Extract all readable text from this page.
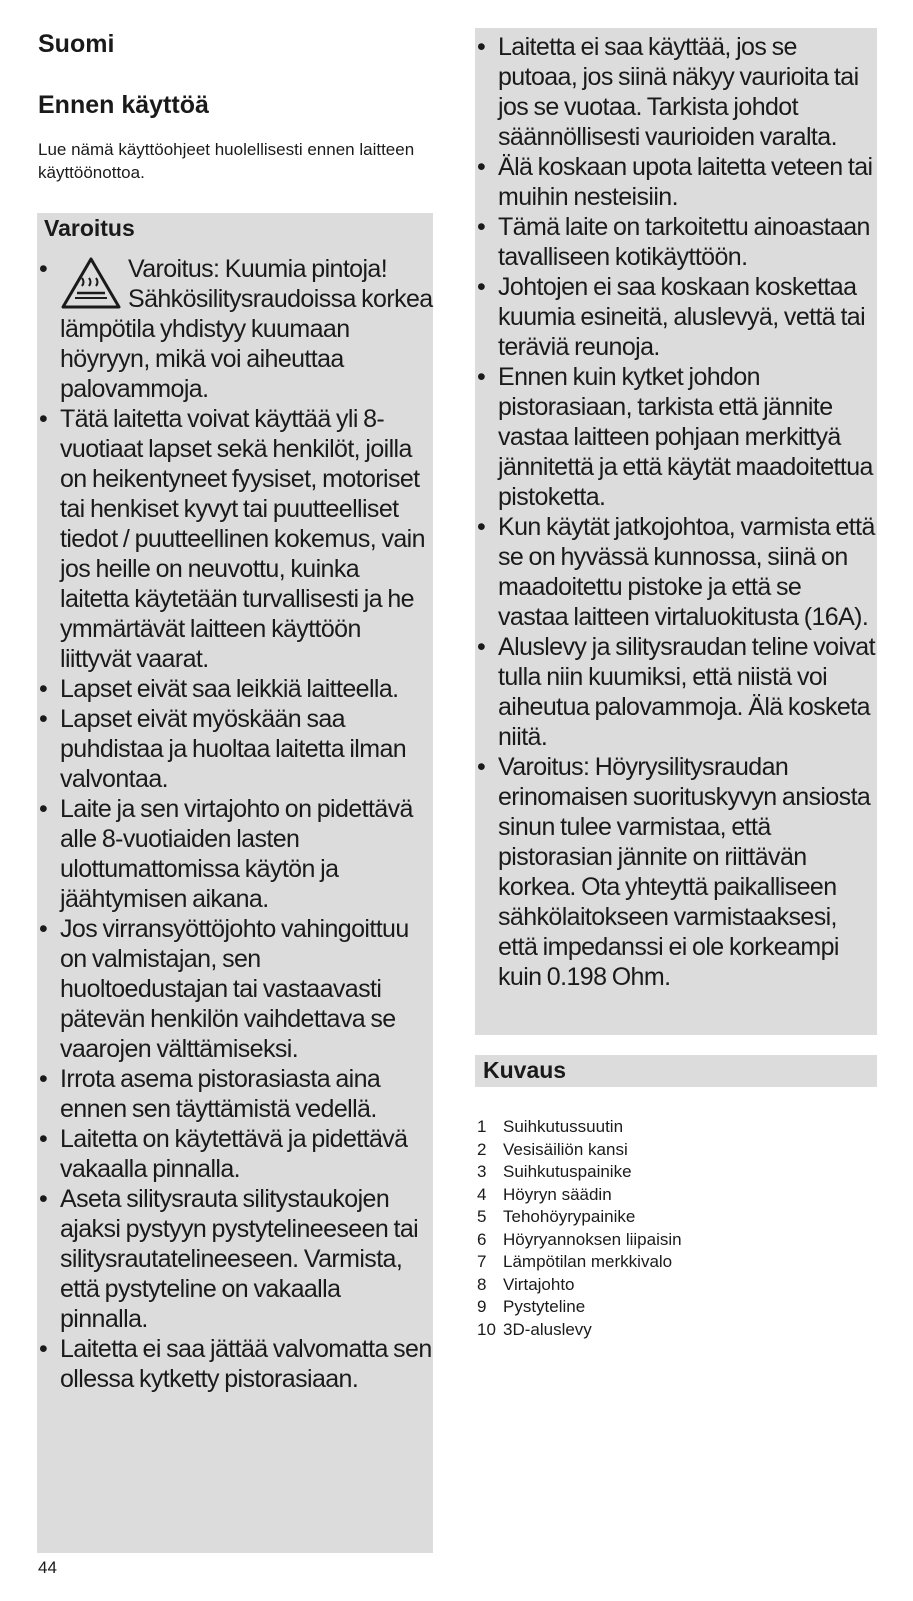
Suomi
Ennen käyttöä
Lue nämä käyttöohjeet huolellisesti ennen laitteen käyttöönottoa.
Varoitus
• Varoitus: Kuumia pintoja! Sähkösilitysraudoissa korkea lämpötila yhdistyy kuumaan höyryyn, mikä voi aiheuttaa palovammoja.
• Tätä laitetta voivat käyttää yli 8-vuotiaat lapset sekä henkilöt, joilla on heikentyneet fyysiset, motoriset tai henkiset kyvyt tai puutteelliset tiedot / puutteellinen kokemus, vain jos heille on neuvottu, kuinka laitetta käytetään turvallisesti ja he ymmärtävät laitteen käyttöön liittyvät vaarat.
• Lapset eivät saa leikkiä laitteella.
• Lapset eivät myöskään saa puhdistaa ja huoltaa laitetta ilman valvontaa.
• Laite ja sen virtajohto on pidettävä alle 8-vuotiaiden lasten ulottumattomissa käytön ja jäähtymisen aikana.
• Jos virransyöttöjohto vahingoittuu on valmistajan, sen huoltoedustajan tai vastaavasti pätevän henkilön vaihdettava se vaarojen välttämiseksi.
• Irrota asema pistorasiasta aina ennen sen täyttämistä vedellä.
• Laitetta on käytettävä ja pidettävä vakaalla pinnalla.
• Aseta silitysrauta silitystaukojen ajaksi pystyyn pystytelineeseen tai silitysrautatelineeseen. Varmista, että pystyteline on vakaalla pinnalla.
• Laitetta ei saa jättää valvomatta sen ollessa kytketty pistorasiaan.
• Laitetta ei saa käyttää, jos se putoaa, jos siinä näkyy vaurioita tai jos se vuotaa. Tarkista johdot säännöllisesti vaurioiden varalta.
• Älä koskaan upota laitetta veteen tai muihin nesteisiin.
• Tämä laite on tarkoitettu ainoastaan tavalliseen kotikäyttöön.
• Johtojen ei saa koskaan koskettaa kuumia esineitä, aluslevyä, vettä tai teräviä reunoja.
• Ennen kuin kytket johdon pistorasiaan, tarkista että jännite vastaa laitteen pohjaan merkittyä jännitettä ja että käytät maadoitettua pistoketta.
• Kun käytät jatkojohtoa, varmista että se on hyvässä kunnossa, siinä on maadoitettu pistoke ja että se vastaa laitteen virtaluokitusta (16A).
• Aluslevy ja silitysraudan teline voivat tulla niin kuumiksi, että niistä voi aiheutua palovammoja. Älä kosketa niitä.
• Varoitus: Höyrysilitysraudan erinomaisen suorituskyvyn ansiosta sinun tulee varmistaa, että pistorasian jännite on riittävän korkea. Ota yhteyttä paikalliseen sähkölaitokseen varmistaaksesi, että impedanssi ei ole korkeampi kuin 0.198 Ohm.
Kuvaus
1 Suihkutussuutin
2 Vesisäiliön kansi
3 Suihkutuspainike
4 Höyryn säädin
5 Tehohöyrypainike
6 Höyryannoksen liipaisin
7 Lämpötilan merkkivalo
8 Virtajohto
9 Pystyteline
10 3D-aluslevy
44
